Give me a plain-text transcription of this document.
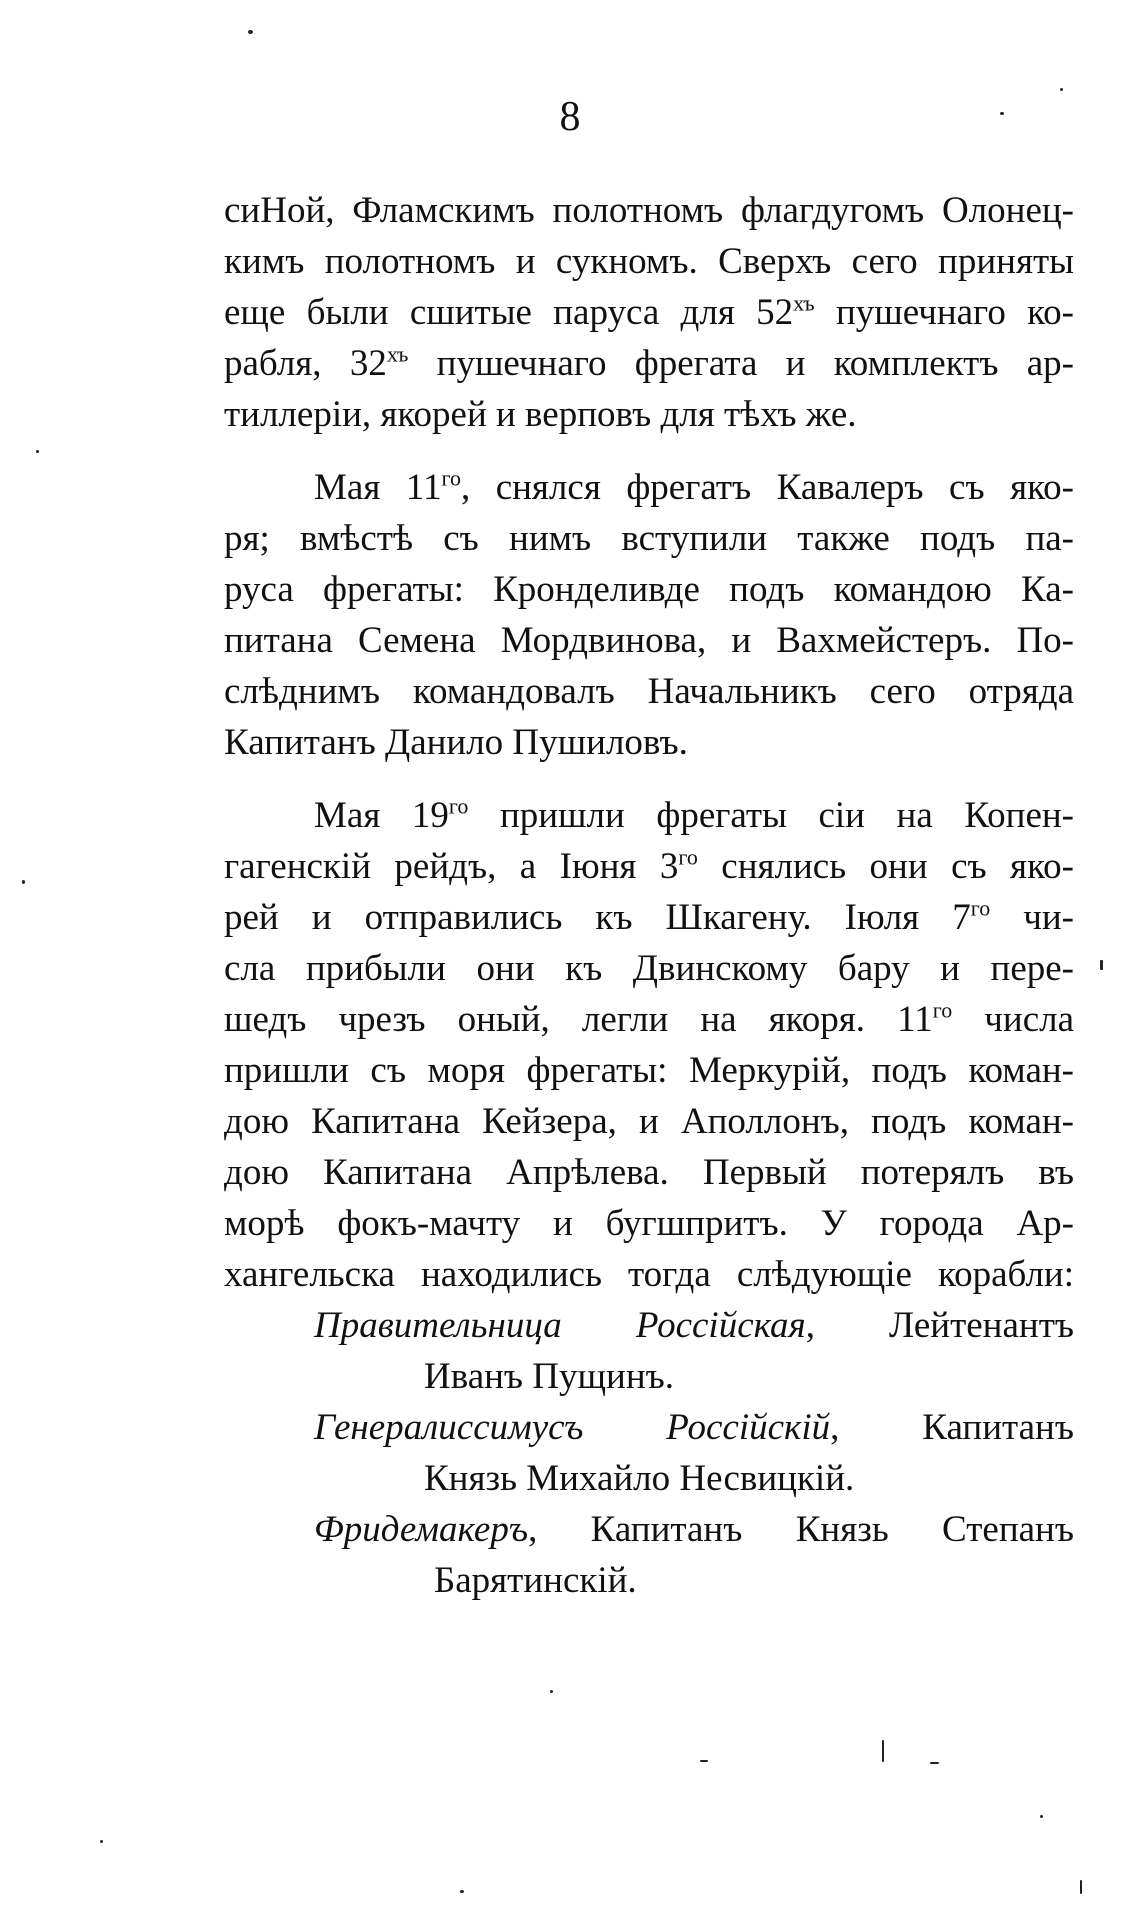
8
сиНой, Фламскимъ полотномъ флагдугомъ Олонец-
кимъ полотномъ и сукномъ. Сверхъ сего приняты
еще были сшитые паруса для $52^{хъ}$ пушечнаго ко-
рабля, $32^{хъ}$ пушечнаго фрегата и комплектъ ар-
тиллерiи, якорей и верповъ для тѣхъ же.
Мая $11^{го}$, снялся фрегатъ Кавалеръ съ яко-
ря; вмѣстѣ съ нимъ вступили также подъ па-
руса фрегаты: Кронделивде подъ командою Ка-
питана Семена Мордвинова, и Вахмейстеръ. По-
слѣднимъ командовалъ Начальникъ сего отряда
Капитанъ Данило Пушиловъ.
Мая $19^{го}$ пришли фрегаты сiи на Копен-
гагенскiй рейдъ, а Iюня $3^{го}$ снялись они съ яко-
рей и отправились къ Шкагену. Iюля $7^{го}$ чи-
сла прибыли они къ Двинскому бару и пере-
шедъ чрезъ оный, легли на якоря. $11^{го}$ числа
пришли съ моря фрегаты: Меркурiй, подъ коман-
дою Капитана Кейзера, и Аполлонъ, подъ коман-
дою Капитана Апрѣлева. Первый потерялъ въ
морѣ фокъ-мачту и бугшпритъ. У города Ар-
хангельска находились тогда слѣдующiе корабли:
Правительница Россiйская, Лейтенантъ
Иванъ Пущинъ.
Генералиссимусъ Россiйскiй, Капитанъ
Князь Михайло Несвицкiй.
Фридемакеръ, Капитанъ Князь Степанъ
Барятинскiй.
